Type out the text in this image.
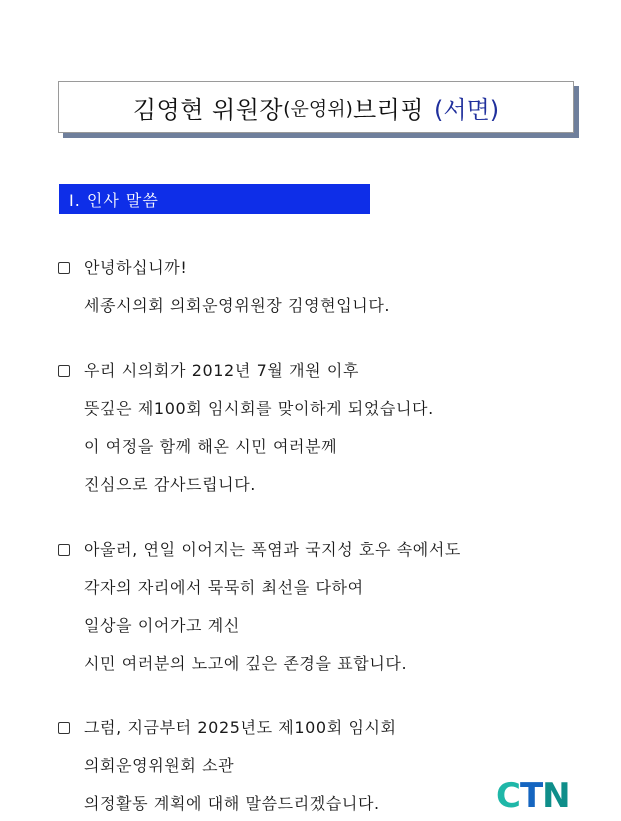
김영현 위원장 (운영위) 브리핑 (서면)
Ⅰ. 인사 말씀
안녕하십니까!
세종시의회 의회운영위원장 김영현입니다.
우리 시의회가 2012년 7월 개원 이후
뜻깊은 제100회 임시회를 맞이하게 되었습니다.
이 여정을 함께 해온 시민 여러분께
진심으로 감사드립니다.
아울러, 연일 이어지는 폭염과 국지성 호우 속에서도
각자의 자리에서 묵묵히 최선을 다하여
일상을 이어가고 계신
시민 여러분의 노고에 깊은 존경을 표합니다.
그럼, 지금부터 2025년도 제100회 임시회
의회운영위원회 소관
의정활동 계획에 대해 말씀드리겠습니다.	C T N
